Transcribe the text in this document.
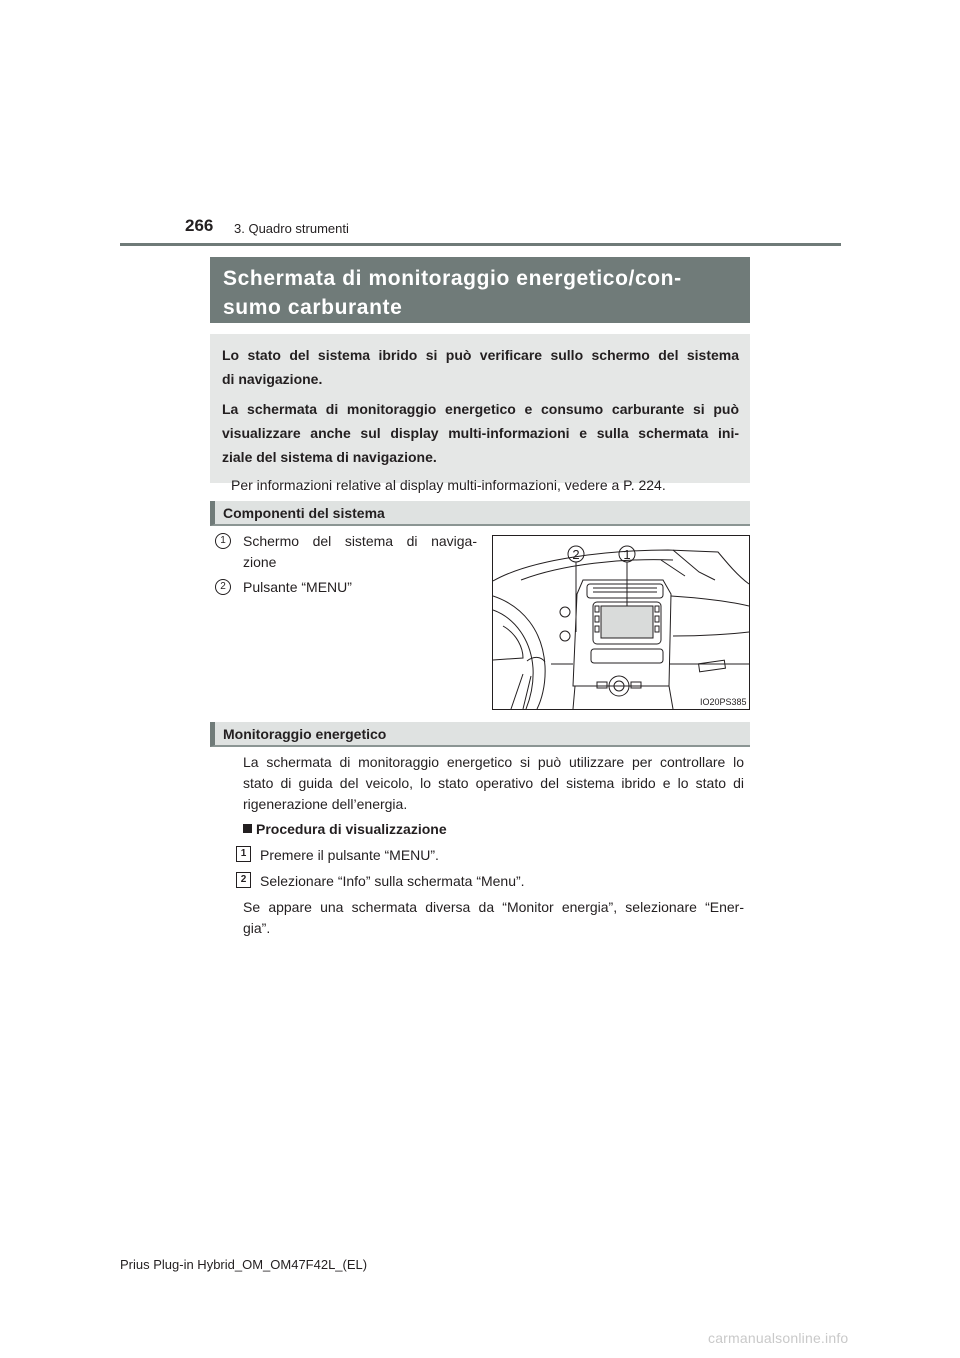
266 3. Quadro strumenti
Schermata di monitoraggio energetico/con-
sumo carburante
Lo stato del sistema ibrido si può verificare sullo schermo del sistema
di navigazione.
La schermata di monitoraggio energetico e consumo carburante si può
visualizzare anche sul display multi-informazioni e sulla schermata ini-
ziale del sistema di navigazione.
Per informazioni relative al display multi-informazioni, vedere a P. 224.
Componenti del sistema
1	Schermo del sistema di naviga-
zione
2	Pulsante “MENU”
2	1
IO20PS385
Monitoraggio energetico
La schermata di monitoraggio energetico si può utilizzare per controllare lo
stato di guida del veicolo, lo stato operativo del sistema ibrido e lo stato di
rigenerazione dell’energia.
Procedura di visualizzazione
1 Premere il pulsante “MENU”.
2 Selezionare “Info” sulla schermata “Menu”.
Se appare una schermata diversa da “Monitor energia”, selezionare “Ener-
gia”.
Prius Plug-in Hybrid_OM_OM47F42L_(EL)
carmanualsonline.info
